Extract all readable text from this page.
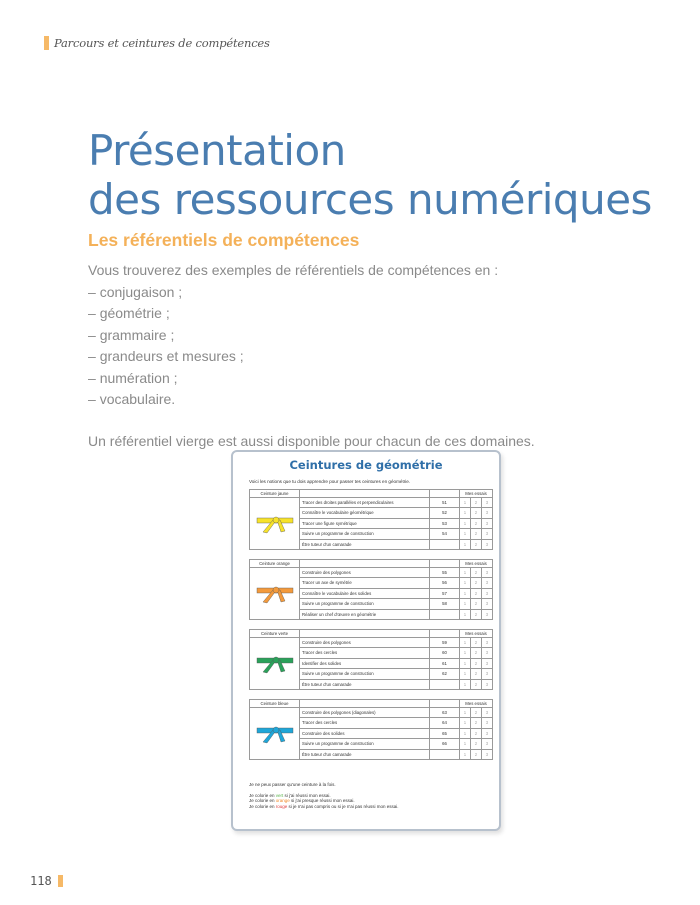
Parcours et ceintures de compétences
Présentation
des ressources numériques
Les référentiels de compétences
Vous trouverez des exemples de référentiels de compétences en :
– conjugaison ;
– géométrie ;
– grammaire ;
– grandeurs et mesures ;
– numération ;
– vocabulaire.
Un référentiel vierge est aussi disponible pour chacun de ces domaines.
Ceintures de géométrie
Voici les notions que tu dois apprendre pour passer tes ceintures en géométrie.
Ceinture jaune			Mes essais		
	Tracer des droites parallèles et perpendiculaires	51	1	2	3
	Connaître le vocabulaire géométrique	52	1	2	3
	Tracer une figure symétrique	53	1	2	3
	Suivre un programme de construction	54	1	2	3
	Être tuteur d'un camarade		1	2	3
Ceinture orange			Mes essais		
	Construire des polygones	55	1	2	3
	Tracer un axe de symétrie	56	1	2	3
	Connaître le vocabulaire des solides	57	1	2	3
	Suivre un programme de construction	58	1	2	3
	Réaliser un chef d'œuvre en géométrie		1	2	3
Ceinture verte			Mes essais		
	Construire des polygones	59	1	2	3
	Tracer des cercles	60	1	2	3
	Identifier des solides	61	1	2	3
	Suivre un programme de construction	62	1	2	3
	Être tuteur d'un camarade		1	2	3
Ceinture bleue			Mes essais		
	Construire des polygones (diagonales)	63	1	2	3
	Tracer des cercles	64	1	2	3
	Construire des solides	65	1	2	3
	Suivre un programme de construction	66	1	2	3
	Être tuteur d'un camarade		1	2	3
Je ne peux passer qu'une ceinture à la fois.
Je colorie en vert si j'ai réussi mon essai.
Je colorie en orange si j'ai presque réussi mon essai.
Je colorie en rouge si je n'ai pas compris ou si je n'ai pas réussi mon essai.
118
